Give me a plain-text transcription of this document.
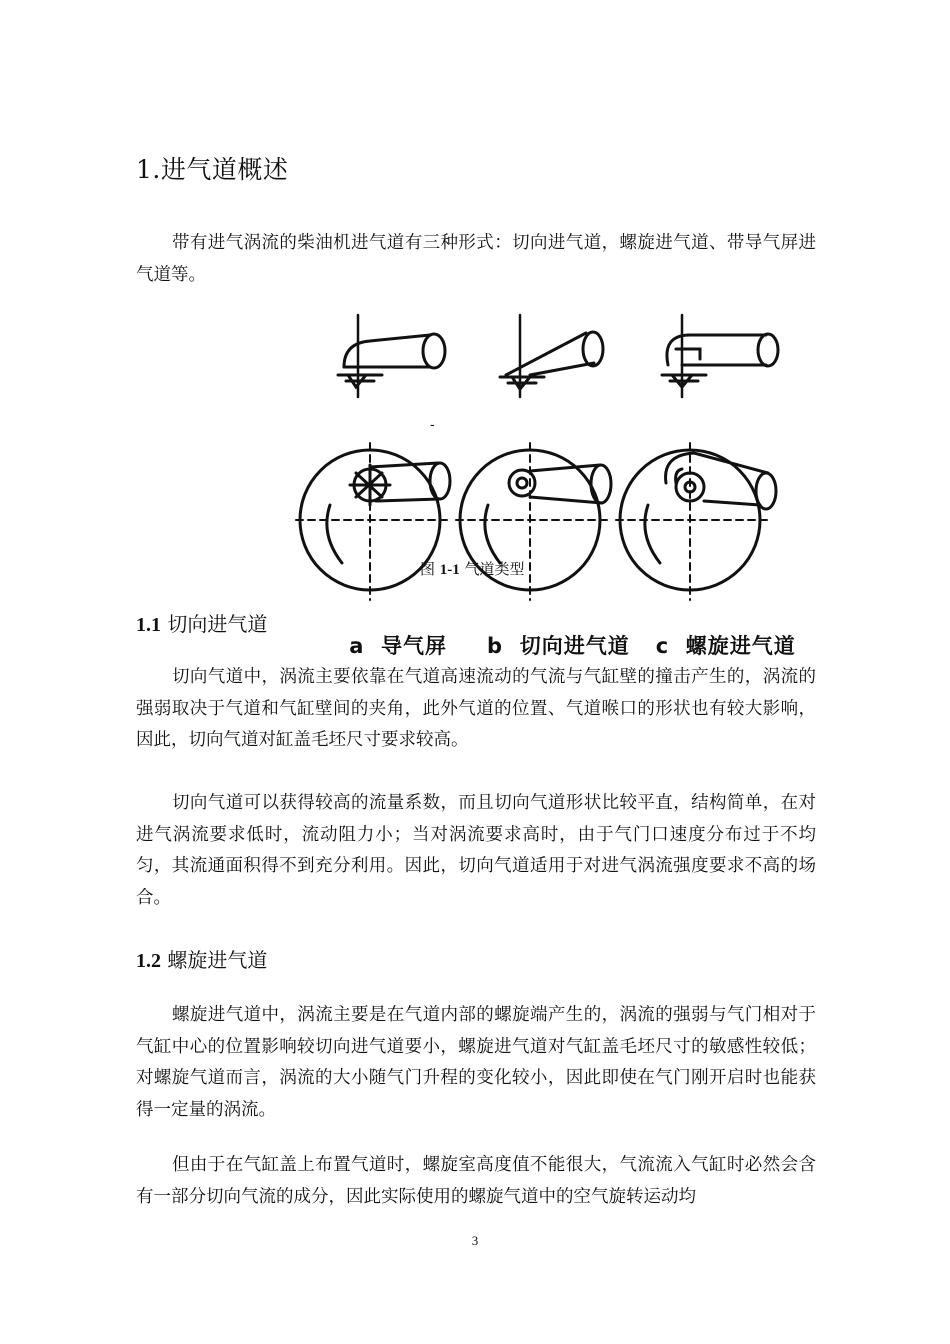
1.进气道概述

带有进气涡流的柴油机进气道有三种形式：切向进气道，螺旋进气道、带导气屏进气道等。

-
图 1-1 气道类型
1.1 切向进气道

a  导气屏 b  切向进气道 c  螺旋进气道

切向气道中，涡流主要依靠在气道高速流动的气流与气缸壁的撞击产生的，涡流的强弱取决于气道和气缸壁间的夹角，此外气道的位置、气道喉口的形状也有较大影响，因此，切向气道对缸盖毛坯尺寸要求较高。

切向气道可以获得较高的流量系数，而且切向气道形状比较平直，结构简单，在对进气涡流要求低时，流动阻力小；当对涡流要求高时，由于气门口速度分布过于不均匀，其流通面积得不到充分利用。因此，切向气道适用于对进气涡流强度要求不高的场合。

1.2 螺旋进气道

螺旋进气道中，涡流主要是在气道内部的螺旋端产生的，涡流的强弱与气门相对于气缸中心的位置影响较切向进气道要小，螺旋进气道对气缸盖毛坯尺寸的敏感性较低；对螺旋气道而言，涡流的大小随气门升程的变化较小，因此即使在气门刚开启时也能获得一定量的涡流。

但由于在气缸盖上布置气道时，螺旋室高度值不能很大，气流流入气缸时必然会含有一部分切向气流的成分，因此实际使用的螺旋气道中的空气旋转运动均

3
